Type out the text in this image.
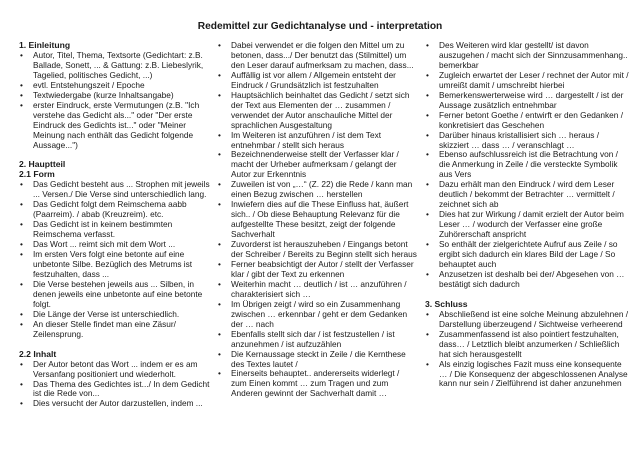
Redemittel zur Gedichtanalyse und - interpretation
1. Einleitung
• Autor, Titel, Thema, Textsorte (Gedichtart: z.B. Ballade, Sonett, ... & Gattung: z.B. Liebeslyrik, Tagelied, politisches Gedicht, ...)
• evtl. Entstehungszeit / Epoche
• Textwiedergabe (kurze Inhaltsangabe)
• erster Eindruck, erste Vermutungen (z.B. "Ich verstehe das Gedicht als..." oder "Der erste Eindruck des Gedichts ist..." oder "Meiner Meinung nach enthält das Gedicht folgende Aussage...")
2. Hauptteil
2.1 Form
• Das Gedicht besteht aus ... Strophen mit jeweils ... Versen./ Die Verse sind unterschiedlich lang.
• Das Gedicht folgt dem Reimschema aabb (Paarreim). / abab (Kreuzreim). etc.
• Das Gedicht ist in keinem bestimmten Reimschema verfasst.
• Das Wort ... reimt sich mit dem Wort ...
• Im ersten Vers folgt eine betonte auf eine unbetonte Silbe. Bezüglich des Metrums ist festzuhalten, dass ...
• Die Verse bestehen jeweils aus ... Silben, in denen jeweils eine unbetonte auf eine betonte folgt.
• Die Länge der Verse ist unterschiedlich.
• An dieser Stelle findet man eine Zäsur/ Zeilensprung.
2.2 Inhalt
• Der Autor betont das Wort ... indem er es am Versanfang positioniert und wiederholt.
• Das Thema des Gedichtes ist.../ In dem Gedicht ist die Rede von...
• Dies versucht der Autor darzustellen, indem ...
• Dabei verwendet er die folgen den Mittel um zu betonen, dass.../ Der benutzt das (Stilmittel) um den Leser darauf aufmerksam zu machen, dass...
• Auffällig ist vor allem / Allgemein entsteht der Eindruck / Grundsätzlich ist festzuhalten
• Hauptsächlich beinhaltet das Gedicht / setzt sich der Text aus Elementen der … zusammen / verwendet der Autor anschauliche Mittel der sprachlichen Ausgestaltung
• Im Weiteren ist anzuführen / ist dem Text entnehmbar / stellt sich heraus
• Bezeichnenderweise stellt der Verfasser klar / macht der Urheber aufmerksam / gelangt der Autor zur Erkenntnis
• Zuweilen ist von „…“ (Z. 22) die Rede / kann man einen Bezug zwischen … herstellen
• Inwiefern dies auf die These Einfluss hat, äußert sich.. / Ob diese Behauptung Relevanz für die aufgestellte These besitzt, zeigt der folgende Sachverhalt
• Zuvorderst ist herauszuheben / Eingangs betont der Schreiber / Bereits zu Beginn stellt sich heraus
• Ferner beabsichtigt der Autor / stellt der Verfasser klar / gibt der Text zu erkennen
• Weiterhin macht … deutlich / ist … anzuführen / charakterisiert sich …
• Im Übrigen zeigt / wird so ein Zusammenhang zwischen … erkennbar / geht er dem Gedanken der … nach
• Ebenfalls stellt sich dar / ist festzustellen / ist anzunehmen / ist aufzuzählen
• Die Kernaussage steckt in Zeile / die Kernthese des Textes lautet /
• Einerseits behauptet.. andererseits widerlegt / zum Einen kommt … zum Tragen und zum Anderen gewinnt der Sachverhalt damit …
• Des Weiteren wird klar gestellt/ ist davon auszugehen / macht sich der Sinnzusammenhang.. bemerkbar
• Zugleich erwartet der Leser / rechnet der Autor mit / umreißt damit / umschreibt hierbei
• Bemerkenswerterweise wird … dargestellt / ist der Aussage zusätzlich entnehmbar
• Ferner betont Goethe / entwirft er den Gedanken / konkretisiert das Geschehen
• Darüber hinaus kristallisiert sich … heraus / skizziert … dass … / veranschlagt …
• Ebenso aufschlussreich ist die Betrachtung von / die Anmerkung in Zeile / die versteckte Symbolik aus Vers
• Dazu erhält man den Eindruck / wird dem Leser deutlich / bekommt der Betrachter … vermittelt / zeichnet sich ab
• Dies hat zur Wirkung / damit erzielt der Autor beim Leser … / wodurch der Verfasser eine große Zuhörerschaft anspricht
• So enthält der zielgerichtete Aufruf aus Zeile / so ergibt sich dadurch ein klares Bild der Lage / So behauptet auch
• Anzusetzen ist deshalb bei der/ Abgesehen von … bestätigt sich dadurch
3. Schluss
• Abschließend ist eine solche Meinung abzulehnen / Darstellung überzeugend / Sichtweise verheerend
• Zusammenfassend ist also pointiert festzuhalten, dass… / Letztlich bleibt anzumerken / Schließlich hat sich herausgestellt
• Als einzig logisches Fazit muss eine konsequente … / Die Konsequenz der abgeschlossenen Analyse kann nur sein / Zielführend ist daher anzunehmen
